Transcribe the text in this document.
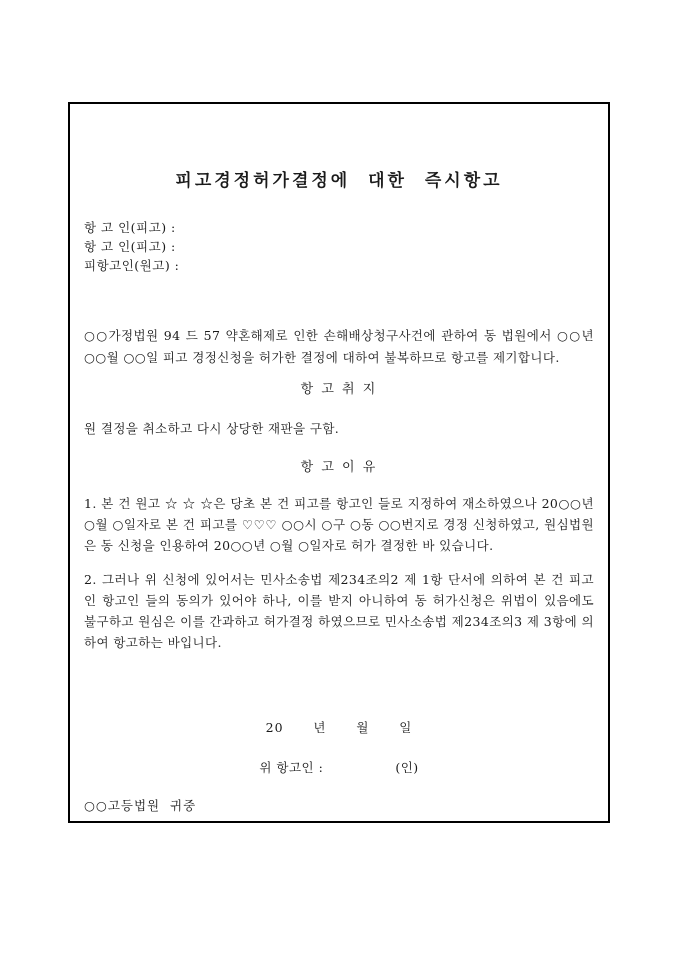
피고경정허가결정에 대한 즉시항고
항 고 인(피고) :
항 고 인(피고) :
피항고인(원고) :
○○가정법원 94 드 57 약혼해제로 인한 손해배상청구사건에 관하여 동 법원에서 ○○년 ○○월 ○○일 피고 경정신청을 허가한 결정에 대하여 불복하므로 항고를 제기합니다.
항 고 취 지
원 결정을 취소하고 다시 상당한 재판을 구함.
항 고 이 유
1. 본 건 원고 ☆ ☆ ☆은 당초 본 건 피고를 항고인 들로 지정하여 재소하였으나 20○○년 ○월 ○일자로 본 건 피고를 ♡♡♡ ○○시 ○구 ○동 ○○번지로 경정 신청하였고, 원심법원은 동 신청을 인용하여 20○○년 ○월 ○일자로 허가 결정한 바 있습니다.
2. 그러나 위 신청에 있어서는 민사소송법 제234조의2 제 1항 단서에 의하여 본 건 피고인 항고인 들의 동의가 있어야 하나, 이를 받지 아니하여 동 허가신청은 위법이 있음에도 불구하고 원심은 이를 간과하고 허가결정 하였으므로 민사소송법 제234조의3 제 3항에 의하여 항고하는 바입니다.
20      년      월      일
위 항고인 :	(인)
○○고등법원  귀중
